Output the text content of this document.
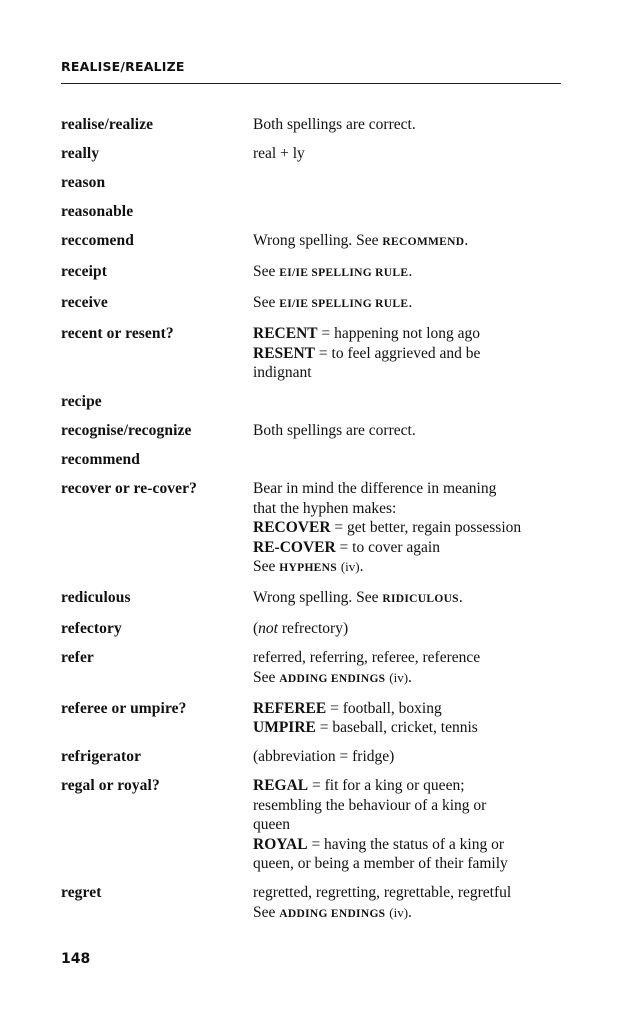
REALISE/REALIZE
realise/realize	Both spellings are correct.
really	real + ly
reason
reasonable
reccomend	Wrong spelling. See RECOMMEND.
receipt	See EI/IE SPELLING RULE.
receive	See EI/IE SPELLING RULE.
recent or resent?	RECENT = happening not long ago
RESENT = to feel aggrieved and be
indignant
recipe
recognise/recognize	Both spellings are correct.
recommend
recover or re-cover?	Bear in mind the difference in meaning
that the hyphen makes:
RECOVER = get better, regain possession
RE-COVER = to cover again
See HYPHENS (iv).
rediculous	Wrong spelling. See RIDICULOUS.
refectory	(not refrectory)
refer	referred, referring, referee, reference
See ADDING ENDINGS (iv).
referee or umpire?	REFEREE = football, boxing
UMPIRE = baseball, cricket, tennis
refrigerator	(abbreviation = fridge)
regal or royal?	REGAL = fit for a king or queen;
resembling the behaviour of a king or
queen
ROYAL = having the status of a king or
queen, or being a member of their family
regret	regretted, regretting, regrettable, regretful
See ADDING ENDINGS (iv).
148
